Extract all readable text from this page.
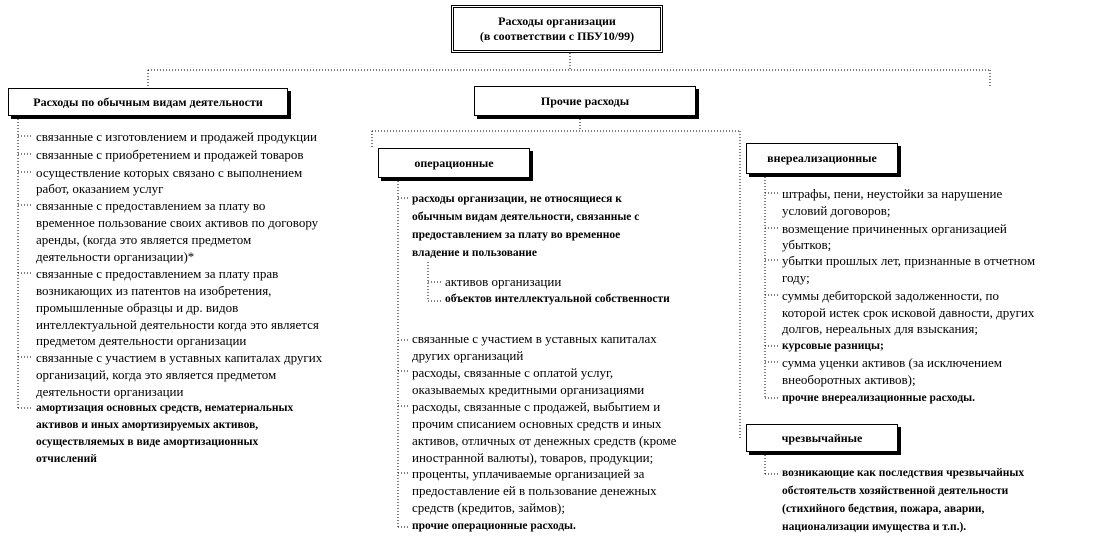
Расходы организации
(в соответствии с ПБУ10/99)
Расходы по обычным видам деятельности	Прочие расходы
операционные	внереализационные
чрезвычайные
связанные с изготовлением и продажей продукции
связанные с приобретением и продажей товаров
осуществление которых связано с выполнением
работ, оказанием услуг
связанные с предоставлением за плату во
временное пользование своих активов по договору
аренды, (когда это является предметом
деятельности организации)*
связанные с предоставлением за плату прав
возникающих из патентов на изобретения,
промышленные образцы и др. видов
интеллектуальной деятельности когда это является
предметом деятельности организации
связанные с участием в уставных капиталах других
организаций, когда это является предметом
деятельности организации
амортизация основных средств, нематериальных
активов и иных амортизируемых активов,
осуществляемых в виде амортизационных
отчислений
расходы организации, не относящиеся к
обычным видам деятельности, связанные с
предоставлением за плату во временное
владение и пользование
активов организации
объектов интеллектуальной собственности
связанные с участием в уставных капиталах
других организаций
расходы, связанные с оплатой услуг,
оказываемых кредитными организациями
расходы, связанные с продажей, выбытием и
прочим списанием основных средств и иных
активов, отличных от денежных средств (кроме
иностранной валюты), товаров, продукции;
проценты, уплачиваемые организацией за
предоставление ей в пользование денежных
средств (кредитов, займов);
прочие операционные расходы.
штрафы, пени, неустойки за нарушение
условий договоров;
возмещение причиненных организацией
убытков;
убытки прошлых лет, признанные в отчетном
году;
суммы дебиторской задолженности, по
которой истек срок исковой давности, других
долгов, нереальных для взыскания;
курсовые разницы;
сумма уценки активов (за исключением
внеоборотных активов);
прочие внереализационные расходы.
возникающие как последствия чрезвычайных
обстоятельств хозяйственной деятельности
(стихийного бедствия, пожара, аварии,
национализации имущества и т.п.).
